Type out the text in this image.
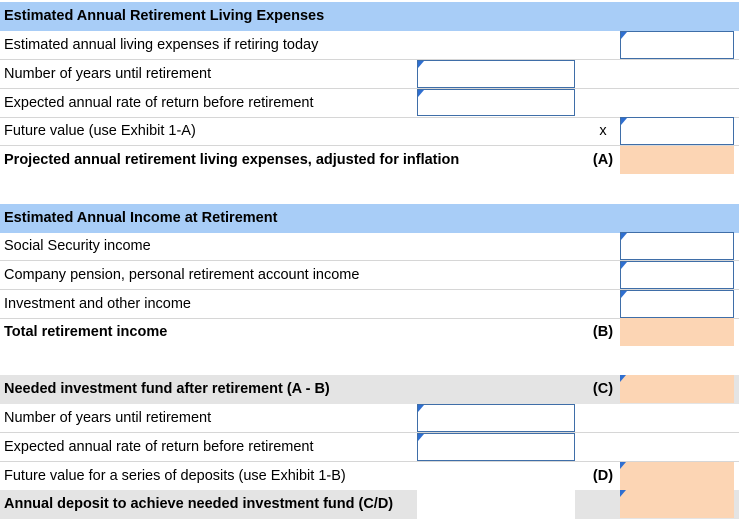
Estimated Annual Retirement Living Expenses
Estimated annual living expenses if retiring today
Number of years until retirement
Expected annual rate of return before retirement
Future value (use Exhibit 1-A)	x
Projected annual retirement living expenses, adjusted for inflation	(A)
Estimated Annual Income at Retirement
Social Security income
Company pension, personal retirement account income
Investment and other income
Total retirement income	(B)
Needed investment fund after retirement (A - B)	(C)
Number of years until retirement
Expected annual rate of return before retirement
Future value for a series of deposits (use Exhibit 1-B)	(D)
Annual deposit to achieve needed investment fund (C/D)
